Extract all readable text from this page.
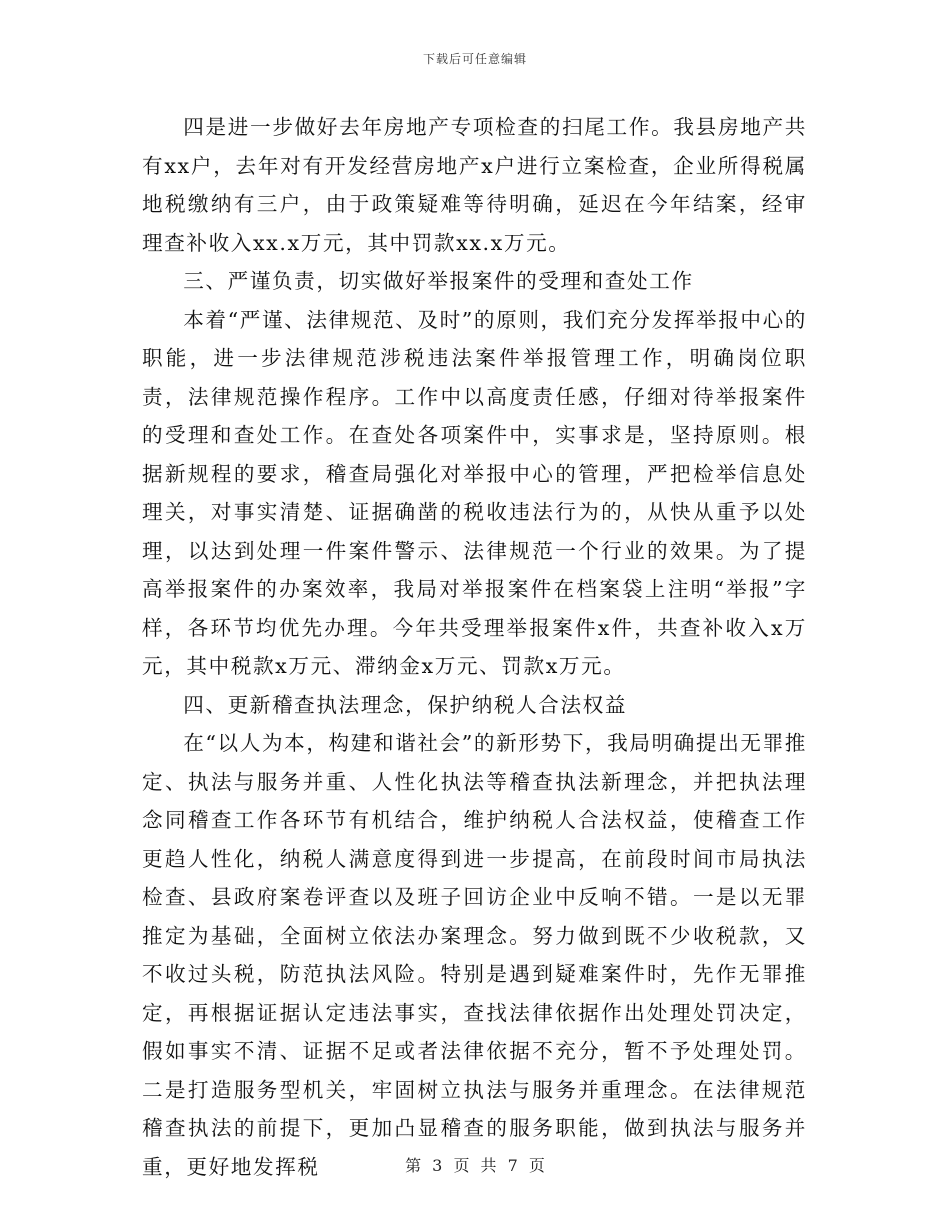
下载后可任意编辑

四是进一步做好去年房地产专项检查的扫尾工作。我县房地产共有xx户，去年对有开发经营房地产x户进行立案检查，企业所得税属地税缴纳有三户，由于政策疑难等待明确，延迟在今年结案，经审理查补收入xx.x万元，其中罚款xx.x万元。

三、严谨负责，切实做好举报案件的受理和查处工作

本着“严谨、法律规范、及时”的原则，我们充分发挥举报中心的职能，进一步法律规范涉税违法案件举报管理工作，明确岗位职责，法律规范操作程序。工作中以高度责任感，仔细对待举报案件的受理和查处工作。在查处各项案件中，实事求是，坚持原则。根据新规程的要求，稽查局强化对举报中心的管理，严把检举信息处理关，对事实清楚、证据确凿的税收违法行为的，从快从重予以处理，以达到处理一件案件警示、法律规范一个行业的效果。为了提高举报案件的办案效率，我局对举报案件在档案袋上注明“举报”字样，各环节均优先办理。今年共受理举报案件x件，共查补收入x万元，其中税款x万元、滞纳金x万元、罚款x万元。

四、更新稽查执法理念，保护纳税人合法权益

在“以人为本，构建和谐社会”的新形势下，我局明确提出无罪推定、执法与服务并重、人性化执法等稽查执法新理念，并把执法理念同稽查工作各环节有机结合，维护纳税人合法权益，使稽查工作更趋人性化，纳税人满意度得到进一步提高，在前段时间市局执法检查、县政府案卷评查以及班子回访企业中反响不错。一是以无罪推定为基础，全面树立依法办案理念。努力做到既不少收税款，又不收过头税，防范执法风险。特别是遇到疑难案件时，先作无罪推定，再根据证据认定违法事实，查找法律依据作出处理处罚决定，假如事实不清、证据不足或者法律依据不充分，暂不予处理处罚。二是打造服务型机关，牢固树立执法与服务并重理念。在法律规范稽查执法的前提下，更加凸显稽查的服务职能，做到执法与服务并重，更好地发挥税	第 3 页 共 7 页
